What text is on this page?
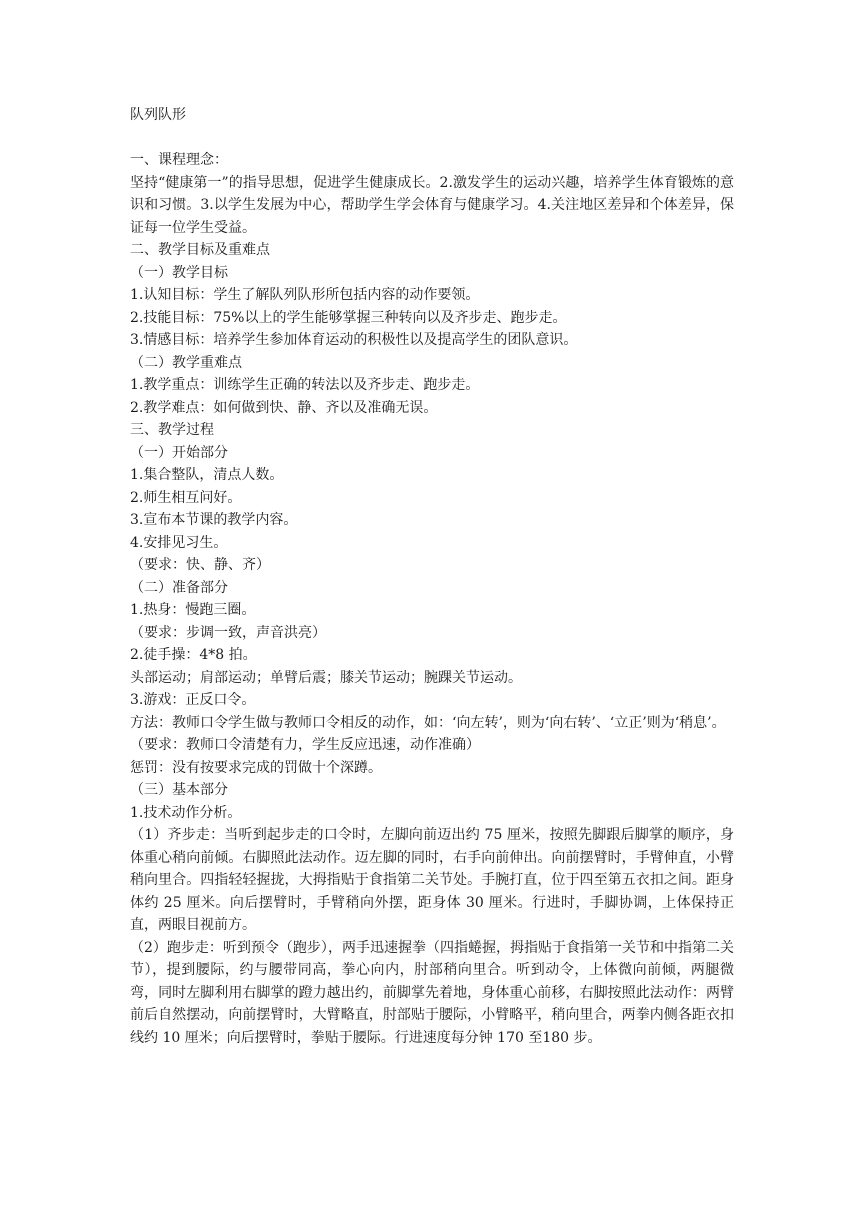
队列队形

一、课程理念：

坚持“健康第一”的指导思想，促进学生健康成长。2.激发学生的运动兴趣，培养学生体育锻炼的意识和习惯。3.以学生发展为中心，帮助学生学会体育与健康学习。4.关注地区差异和个体差异，保证每一位学生受益。

二、教学目标及重难点

（一）教学目标

1.认知目标：学生了解队列队形所包括内容的动作要领。

2.技能目标：75%以上的学生能够掌握三种转向以及齐步走、跑步走。

3.情感目标：培养学生参加体育运动的积极性以及提高学生的团队意识。

（二）教学重难点

1.教学重点：训练学生正确的转法以及齐步走、跑步走。

2.教学难点：如何做到快、静、齐以及准确无误。

三、教学过程

（一）开始部分

1.集合整队，清点人数。

2.师生相互问好。

3.宣布本节课的教学内容。

4.安排见习生。

（要求：快、静、齐）

（二）准备部分

1.热身：慢跑三圈。

（要求：步调一致，声音洪亮）

2.徒手操：4*8 拍。

头部运动；肩部运动；单臂后震；膝关节运动；腕踝关节运动。

3.游戏：正反口令。

方法：教师口令学生做与教师口令相反的动作，如：‘向左转’，则为‘向右转’、‘立正’则为‘稍息’。

（要求：教师口令清楚有力，学生反应迅速，动作准确）

惩罚：没有按要求完成的罚做十个深蹲。

（三）基本部分

1.技术动作分析。

（1）齐步走：当听到起步走的口令时，左脚向前迈出约 75 厘米，按照先脚跟后脚掌的顺序，身体重心稍向前倾。右脚照此法动作。迈左脚的同时，右手向前伸出。向前摆臂时，手臂伸直，小臂稍向里合。四指轻轻握拢，大拇指贴于食指第二关节处。手腕打直，位于四至第五衣扣之间。距身体约 25 厘米。向后摆臂时，手臂稍向外摆，距身体 30 厘米。行进时，手脚协调，上体保持正直，两眼目视前方。

（2）跑步走：听到预令（跑步），两手迅速握拳（四指蜷握，拇指贴于食指第一关节和中指第二关节），提到腰际，约与腰带同高，拳心向内，肘部稍向里合。听到动令，上体微向前倾，两腿微弯，同时左脚利用右脚掌的蹬力越出约，前脚掌先着地，身体重心前移，右脚按照此法动作：两臂前后自然摆动，向前摆臂时，大臂略直，肘部贴于腰际，小臂略平，稍向里合，两拳内侧各距衣扣线约 10 厘米；向后摆臂时，拳贴于腰际。行进速度每分钟 170 至180 步。
